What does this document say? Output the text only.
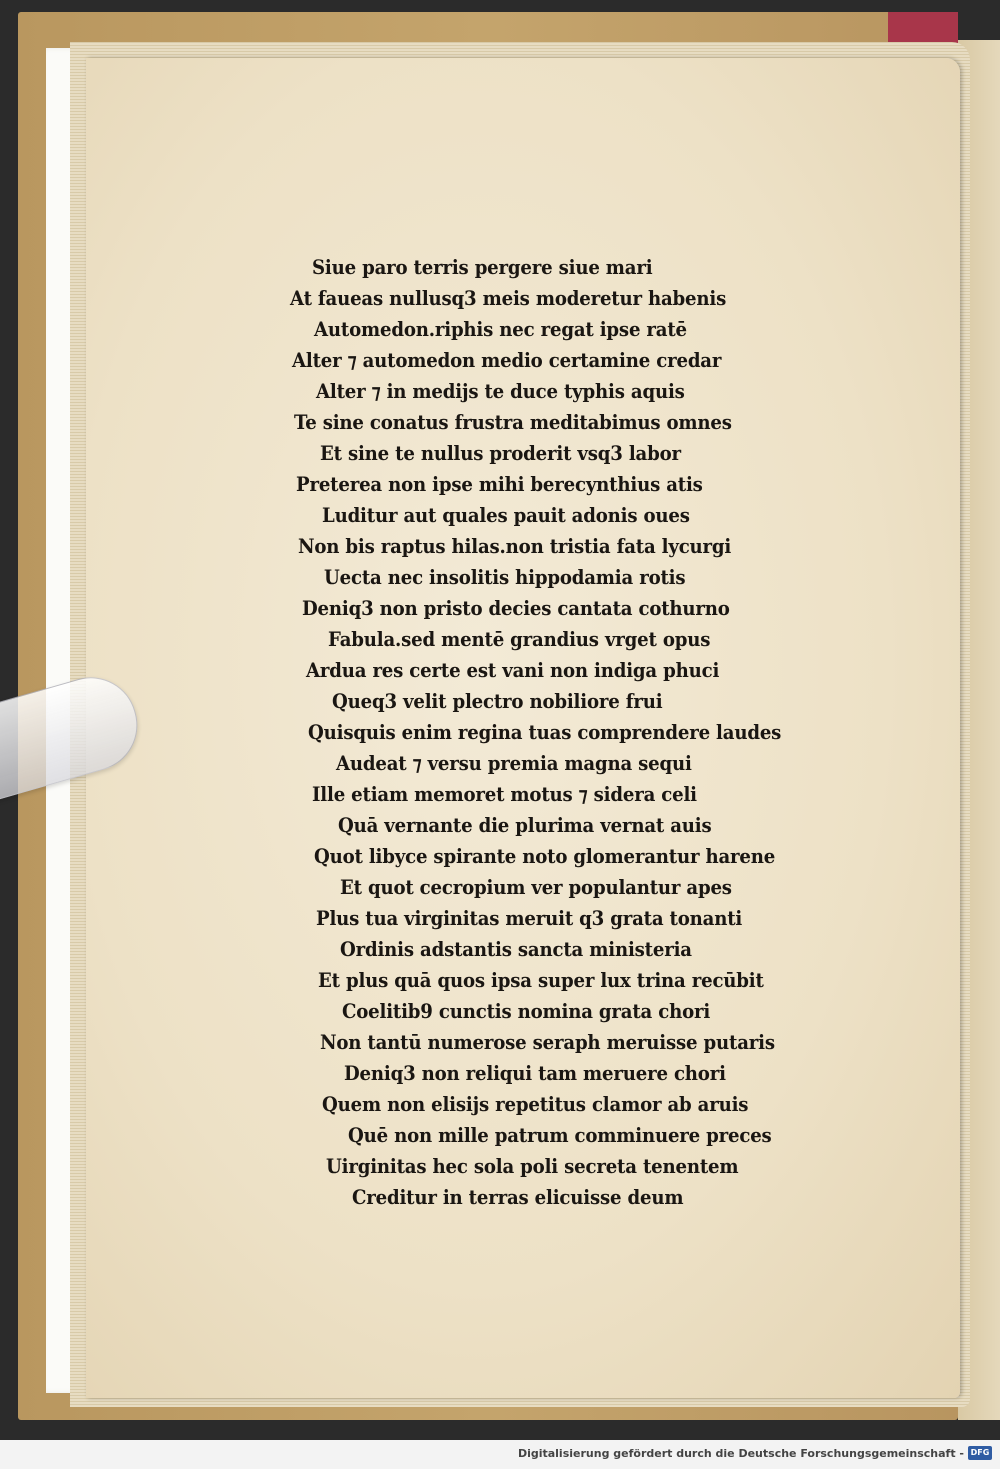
Siue paro terris pergere siue mari
At faueas nullusq3 meis moderetur habenis
Automedon.riphis nec regat ipse ratē
Alter ⁊ automedon medio certamine credar
Alter ⁊ in medijs te duce typhis aquis
Te sine conatus frustra meditabimus omnes
Et sine te nullus proderit vsq3 labor
Preterea non ipse mihi berecynthius atis
Luditur aut quales pauit adonis oues
Non bis raptus hilas.non tristia fata lycurgi
Uecta nec insolitis hippodamia rotis
Deniq3 non pristo decies cantata cothurno
Fabula.sed mentē grandius vrget opus
Ardua res certe est vani non indiga phuci
Queq3 velit plectro nobiliore frui
Quisquis enim regina tuas comprendere laudes
Audeat ⁊ versu premia magna sequi
Ille etiam memoret motus ⁊ sidera celi
Quā vernante die plurima vernat auis
Quot libyce spirante noto glomerantur harene
Et quot cecropium ver populantur apes
Plus tua virginitas meruit q3 grata tonanti
Ordinis adstantis sancta ministeria
Et plus quā quos ipsa super lux trina recūbit
Coelitib9 cunctis nomina grata chori
Non tantū numerose seraph meruisse putaris
Deniq3 non reliqui tam meruere chori
Quem non elisijs repetitus clamor ab aruis
Quē non mille patrum comminuere preces
Uirginitas hec sola poli secreta tenentem
Creditur in terras elicuisse deum
Digitalisierung gefördert durch die Deutsche Forschungsgemeinschaft - DFG
